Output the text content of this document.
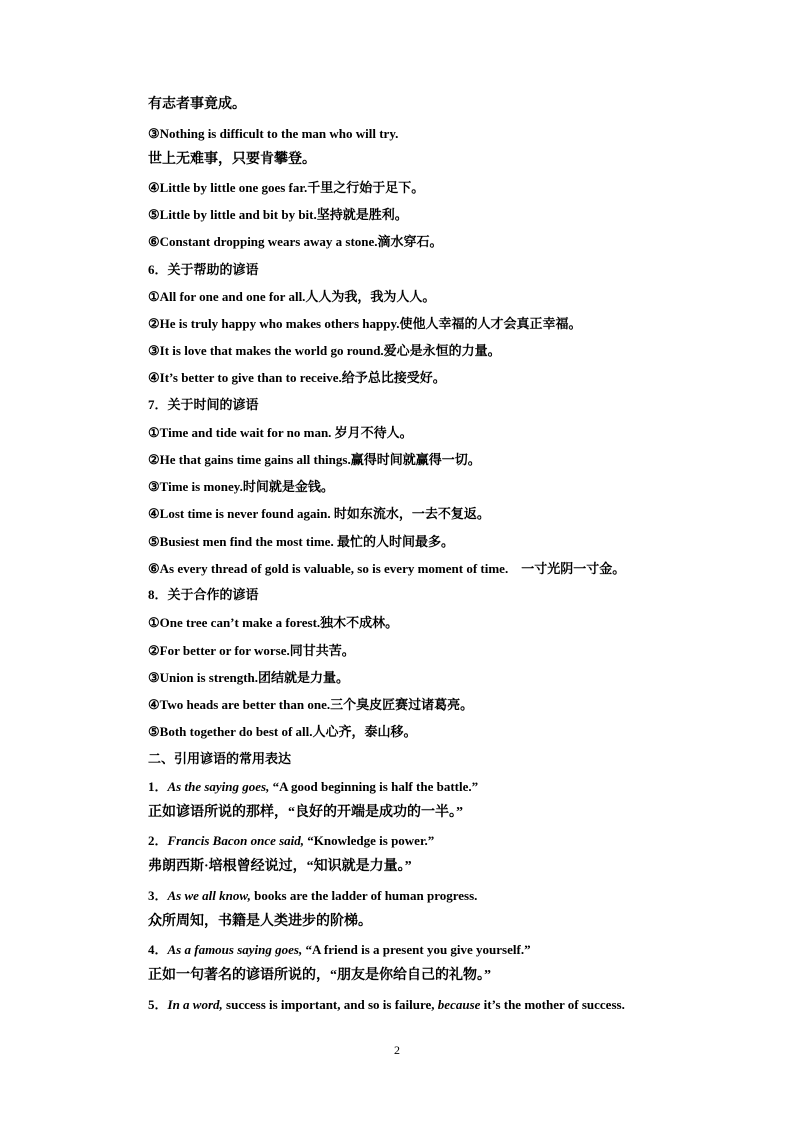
有志者事竟成。
③Nothing is difficult to the man who will try.
世上无难事，只要肯攀登。
④Little by little one goes far.千里之行始于足下。
⑤Little by little and bit by bit.坚持就是胜利。
⑥Constant dropping wears away a stone.滴水穿石。
6．关于帮助的谚语
①All for one and one for all.人人为我，我为人人。
②He is truly happy who makes others happy.使他人幸福的人才会真正幸福。
③It is love that makes the world go round.爱心是永恒的力量。
④It’s better to give than to receive.给予总比接受好。
7．关于时间的谚语
①Time and tide wait for no man. 岁月不待人。
②He that gains time gains all things.赢得时间就赢得一切。
③Time is money.时间就是金钱。
④Lost time is never found again. 时如东流水，一去不复返。
⑤Busiest men find the most time. 最忙的人时间最多。
⑥As every thread of gold is valuable, so is every moment of time.　一寸光阴一寸金。
8．关于合作的谚语
①One tree can’t make a forest.独木不成林。
②For better or for worse.同甘共苦。
③Union is strength.团结就是力量。
④Two heads are better than one.三个臭皮匠赛过诸葛亮。
⑤Both together do best of all.人心齐，泰山移。
二、引用谚语的常用表达
1．As the saying goes, “A good beginning is half the battle.”
正如谚语所说的那样，“良好的开端是成功的一半。”
2．Francis Bacon once said, “Knowledge is power.”
弗朗西斯·培根曾经说过，“知识就是力量。”
3．As we all know, books are the ladder of human progress.
众所周知，书籍是人类进步的阶梯。
4．As a famous saying goes, “A friend is a present you give yourself.”
正如一句著名的谚语所说的，“朋友是你给自己的礼物。”
5．In a word, success is important, and so is failure, because it’s the mother of success.
2
